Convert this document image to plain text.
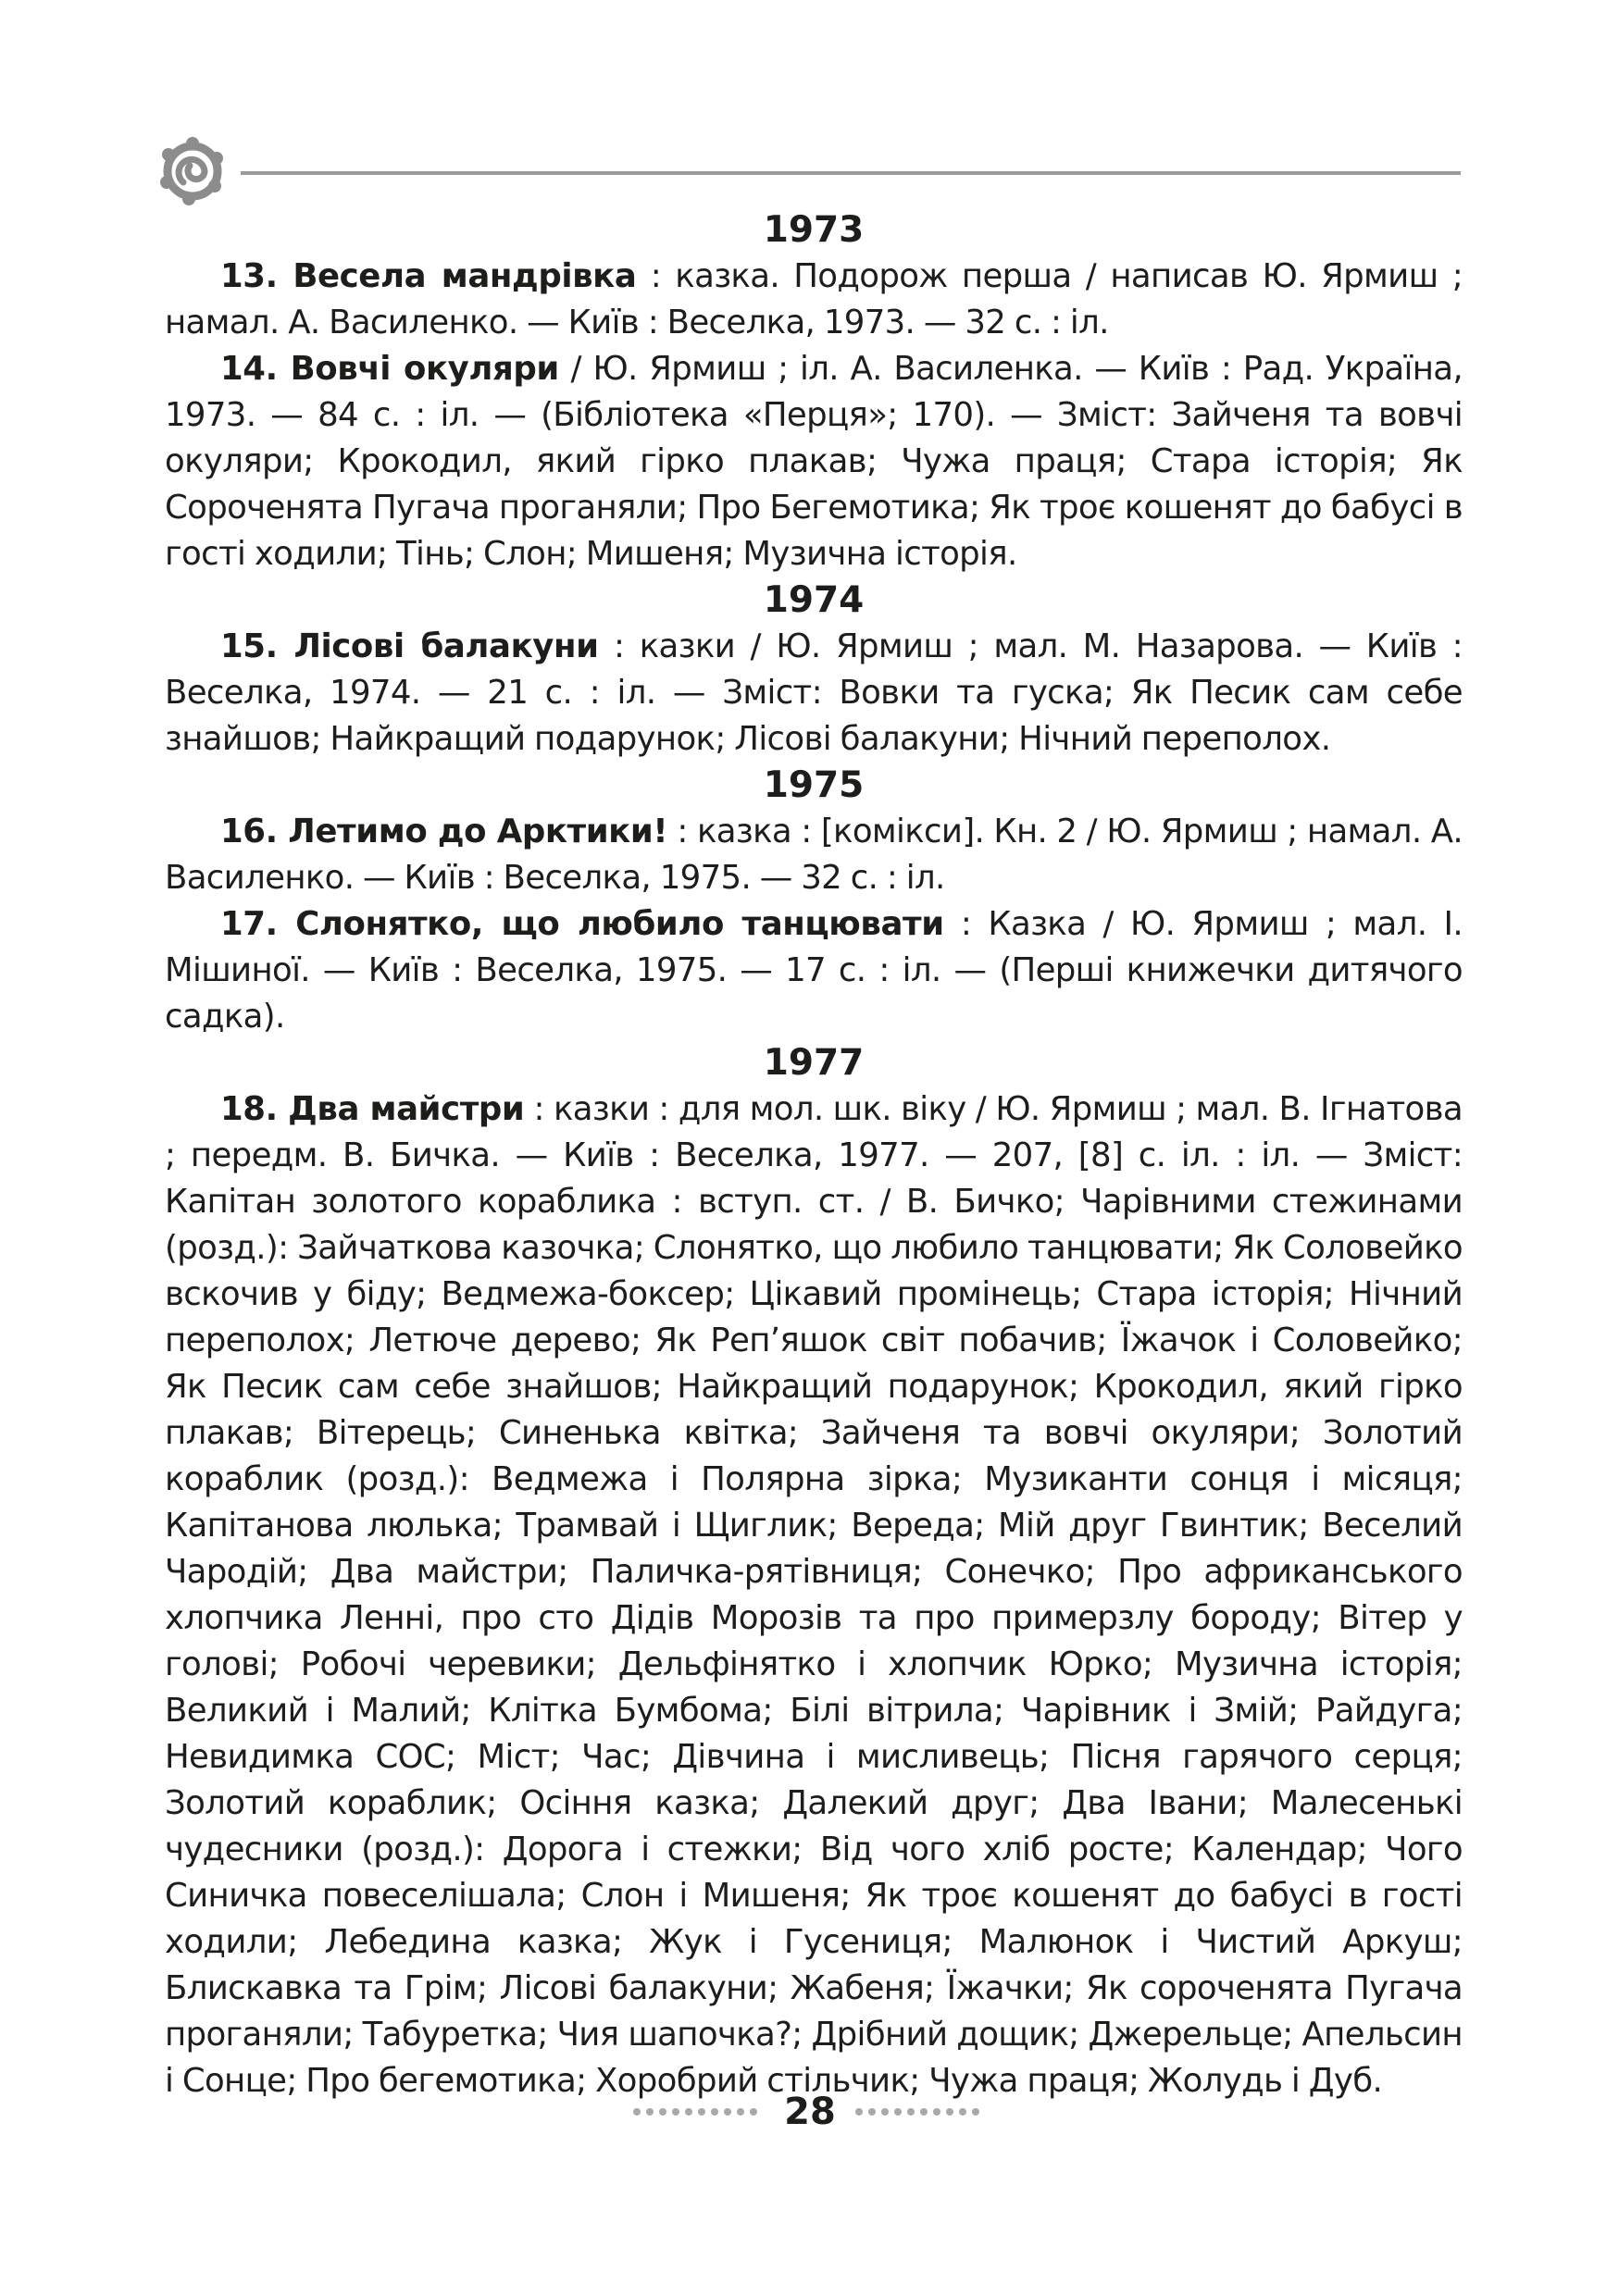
1973

13. Весела мандрівка : казка. Подорож перша / написав Ю. Ярмиш ; намал. А. Василенко. — Київ : Веселка, 1973. — 32 с. : іл.

14. Вовчі окуляри / Ю. Ярмиш ; іл. А. Василенка. — Київ : Рад. Україна, 1973. — 84 с. : іл. — (Бібліотека «Перця»; 170). — Зміст: Зайченя та вовчі окуляри; Крокодил, який гірко плакав; Чужа праця; Стара історія; Як Сороченята Пугача проганяли; Про Бегемотика; Як троє кошенят до бабусі в гості ходили; Тінь; Слон; Мишеня; Музична історія.

1974

15. Лісові балакуни : казки / Ю. Ярмиш ; мал. М. Назарова. — Київ : Веселка, 1974. — 21 с. : іл. — Зміст: Вовки та гуска; Як Песик сам себе знайшов; Найкращий подарунок; Лісові балакуни; Нічний переполох.

1975

16. Летимо до Арктики! : казка : [комікси]. Кн. 2 / Ю. Ярмиш ; намал. А. Василенко. — Київ : Веселка, 1975. — 32 с. : іл.

17. Слонятко, що любило танцювати : Казка / Ю. Ярмиш ; мал. І. Мішиної. — Київ : Веселка, 1975. — 17 с. : іл. — (Перші книжечки дитячого садка).

1977

18. Два майстри : казки : для мол. шк. віку / Ю. Ярмиш ; мал. В. Ігнатова ; передм. В. Бичка. — Київ : Веселка, 1977. — 207, [8] с. іл. : іл. — Зміст: Капітан золотого кораблика : вступ. ст. / В. Бичко; Чарівними стежинами (розд.): Зайчаткова казочка; Слонятко, що любило танцювати; Як Соловейко вскочив у біду; Ведмежа-боксер; Цікавий промінець; Стара історія; Нічний переполох; Летюче дерево; Як Реп’яшок світ побачив; Їжачок і Соловейко; Як Песик сам себе знайшов; Найкращий подарунок; Крокодил, який гірко плакав; Вітерець; Синенька квітка; Зайченя та вовчі окуляри; Золотий кораблик (розд.): Ведмежа і Полярна зірка; Музиканти сонця і місяця; Капітанова люлька; Трамвай і Щиглик; Вереда; Мій друг Гвинтик; Веселий Чародій; Два майстри; Паличка-рятівниця; Сонечко; Про африканського хлопчика Ленні, про сто Дідів Морозів та про примерзлу бороду; Вітер у голові; Робочі черевики; Дельфінятко і хлопчик Юрко; Музична історія; Великий і Малий; Клітка Бумбома; Білі вітрила; Чарівник і Змій; Райдуга; Невидимка СОС; Міст; Час; Дівчина і мисливець; Пісня гарячого серця; Золотий кораблик; Осіння казка; Далекий друг; Два Івани; Малесенькі чудесники (розд.): Дорога і стежки; Від чого хліб росте; Календар; Чого Синичка повеселішала; Слон і Мишеня; Як троє кошенят до бабусі в гості ходили; Лебедина казка; Жук і Гусениця; Малюнок і Чистий Аркуш; Блискавка та Грім; Лісові балакуни; Жабеня; Їжачки; Як сороченята Пугача проганяли; Табуретка; Чия шапочка?; Дрібний дощик; Джерельце; Апельсин і Сонце; Про бегемотика; Хоробрий стільчик; Чужа праця; Жолудь і Дуб.

28
